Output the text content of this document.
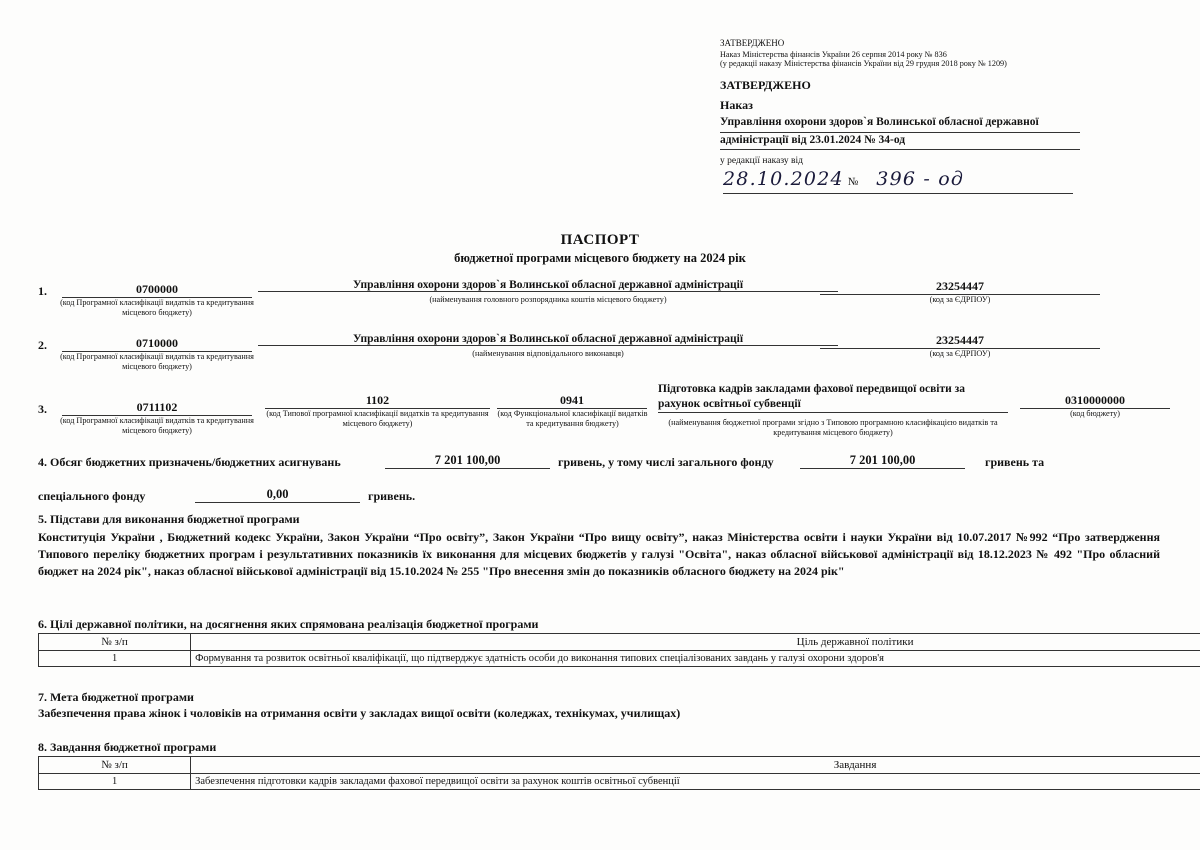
ЗАТВЕРДЖЕНО
Наказ Міністерства фінансів України 26 серпня 2014 року № 836
(у редакції наказу Міністерства фінансів України від 29 грудня 2018 року № 1209)
ЗАТВЕРДЖЕНО
Наказ
Управління охорони здоров`я Волинської обласної державної
адміністрації від 23.01.2024 № 34-од
у редакції наказу від
28.10.2024 № 396 - од
ПАСПОРТ
бюджетної програми місцевого бюджету на 2024 рік
1.	0700000
(код Програмної класифікації видатків та кредитування місцевого бюджету)
Управління охорони здоров`я Волинської обласної державної адміністрації
(найменування головного розпорядника коштів місцевого бюджету)
23254447
(код за ЄДРПОУ)
2.	0710000
(код Програмної класифікації видатків та кредитування місцевого бюджету)
Управління охорони здоров`я Волинської обласної державної адміністрації
(найменування відповідального виконавця)
23254447
(код за ЄДРПОУ)
3.	0711102
(код Програмної класифікації видатків та кредитування місцевого бюджету)
1102
(код Типової програмної класифікації видатків та кредитування місцевого бюджету)
0941
(код Функціональної класифікації видатків та кредитування бюджету)
Підготовка кадрів закладами фахової передвищої освіти за рахунок освітньої субвенції
(найменування бюджетної програми згідно з Типовою програмною класифікацією видатків та кредитування місцевого бюджету)
0310000000
(код бюджету)
4. Обсяг бюджетних призначень/бюджетних асигнувань	7 201 100,00	гривень, у тому числі загального фонду	7 201 100,00	гривень та
спеціального фонду	0,00	гривень.
5. Підстави для виконання бюджетної програми
Конституція України , Бюджетний кодекс України, Закон України “Про освіту”, Закон України “Про вищу освіту”, наказ Міністерства освіти і науки України від 10.07.2017 №992 “Про затвердження Типового переліку бюджетних програм і результативних показників їх виконання для місцевих бюджетів у галузі "Освіта", наказ обласної військової адміністрації від 18.12.2023 № 492 "Про обласний бюджет на 2024 рік", наказ обласної військової адміністрації від 15.10.2024 № 255 "Про внесення змін до показників обласного бюджету на 2024 рік"
6. Цілі державної політики, на досягнення яких спрямована реалізація бюджетної програми
№ з/п	Ціль державної політики
1	Формування та розвиток освітньої кваліфікації, що підтверджує здатність особи до виконання типових спеціалізованих завдань у галузі охорони здоров'я
7. Мета бюджетної програми
Забезпечення права жінок і чоловіків на отримання освіти у закладах вищої освіти (коледжах, технікумах, училищах)
8. Завдання бюджетної програми
№ з/п	Завдання
1	Забезпечення підготовки кадрів закладами фахової передвищої освіти за рахунок коштів освітньої субвенції
